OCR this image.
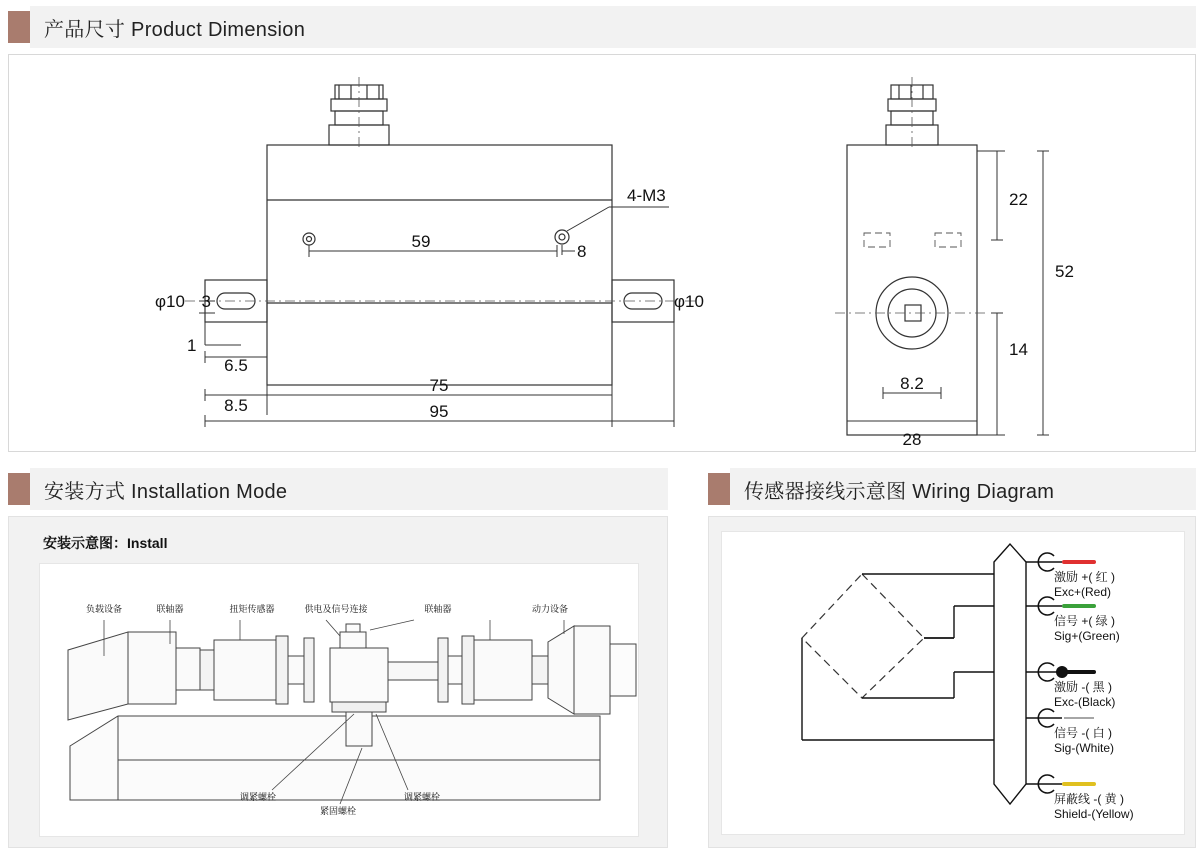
产品尺寸 Product Dimension
4-M3
59
8
φ10	φ10
3
1
6.5
8.5
75
95
22
14
52
8.2
28
安装方式 Installation Mode
安装示意图：Install
负载设备	联轴器	扭矩传感器	供电及信号连接	联轴器	动力设备
调紧螺栓
紧固螺栓
调紧螺栓
传感器接线示意图 Wiring Diagram
激励 +( 红 )
Exc+(Red)
信号 +( 绿 )
Sig+(Green)
激励 -( 黑 )
Exc-(Black)
信号 -( 白 )
Sig-(White)
屏蔽线 -( 黄 )
Shield-(Yellow)
